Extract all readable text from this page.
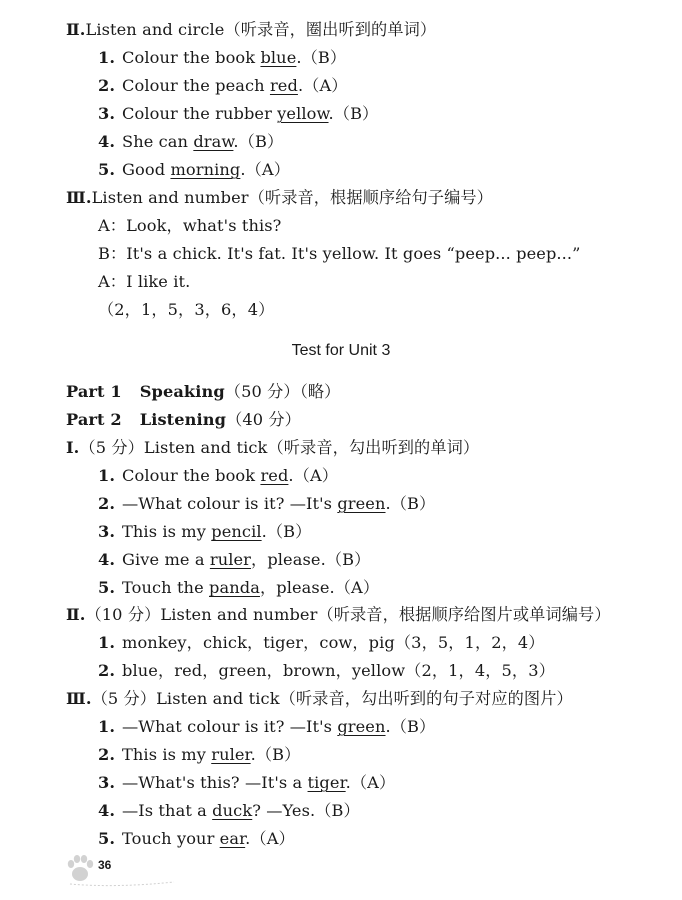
Ⅱ.Listen and circle（听录音，圈出听到的单词）
1. Colour the book blue.（B）
2. Colour the peach red.（A）
3. Colour the rubber yellow.（B）
4. She can draw.（B）
5. Good morning.（A）
Ⅲ.Listen and number（听录音，根据顺序给句子编号）
A：Look，what's this?
B：It's a chick. It's fat. It's yellow. It goes “peep... peep...”
A：I like it.
（2，1，5，3，6，4）
Test for Unit 3
Part 1 Speaking（50 分）（略）
Part 2 Listening（40 分）
Ⅰ.（5 分）Listen and tick（听录音，勾出听到的单词）
1. Colour the book red.（A）
2. —What colour is it? —It's green.（B）
3. This is my pencil.（B）
4. Give me a ruler，please.（B）
5. Touch the panda，please.（A）
Ⅱ.（10 分）Listen and number（听录音，根据顺序给图片或单词编号）
1. monkey，chick，tiger，cow，pig（3，5，1，2，4）
2. blue，red，green，brown，yellow（2，1，4，5，3）
Ⅲ.（5 分）Listen and tick（听录音，勾出听到的句子对应的图片）
1. —What colour is it? —It's green.（B）
2. This is my ruler.（B）
3. —What's this? —It's a tiger.（A）
4. —Is that a duck? —Yes.（B）
5. Touch your ear.（A）
36
